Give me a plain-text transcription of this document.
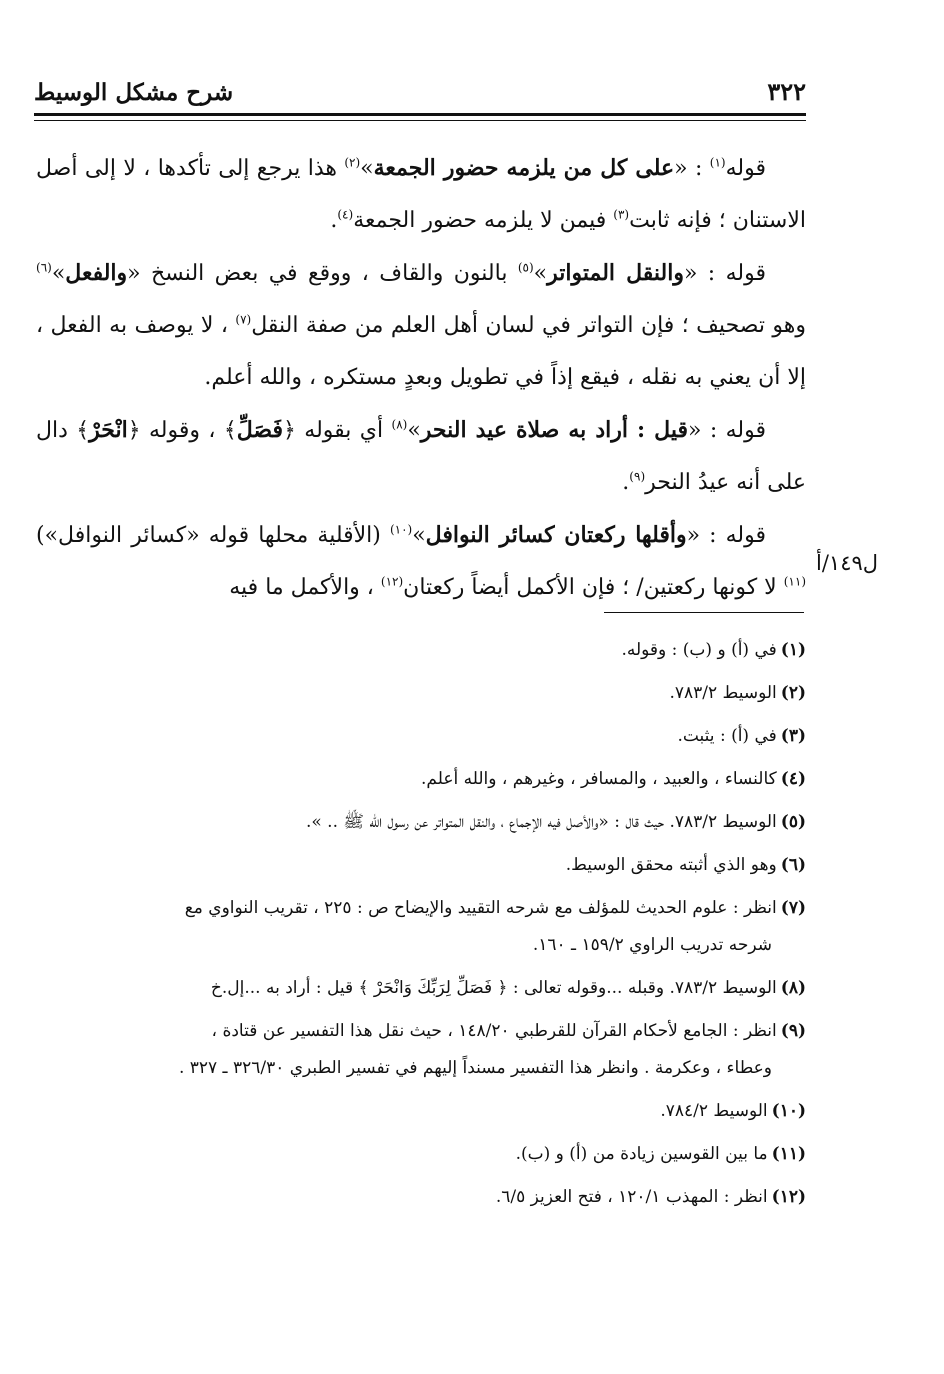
شرح مشكل الوسيط	٣٢٢

قوله$^{(١)}$ : «على كل من يلزمه حضور الجمعة»$^{(٢)}$ هذا يرجع إلى تأكدها ، لا إلى أصل الاستنان ؛ فإنه ثابت$^{(٣)}$ فيمن لا يلزمه حضور الجمعة$^{(٤)}$.

قوله : «والنقل المتواتر»$^{(٥)}$ بالنون والقاف ، ووقع في بعض النسخ «والفعل»$^{(٦)}$ وهو تصحيف ؛ فإن التواتر في لسان أهل العلم من صفة النقل$^{(٧)}$ ، لا يوصف به الفعل ، إلا أن يعني به نقله ، فيقع إذاً في تطويل وبعدٍ مستكره ، والله أعلم.

قوله : «قيل : أراد به صلاة عيد النحر»$^{(٨)}$ أي بقوله ﴿فَصَلِّ﴾ ، وقوله ﴿انْحَرْ﴾ دال على أنه عيدُ النحر$^{(٩)}$.

قوله : «وأقلها ركعتان كسائر النوافل»$^{(١٠)}$ (الأقلية محلها قوله «كسائر النوافل»)$^{(١١)}$ لا كونها ركعتين/ ؛ فإن الأكمل أيضاً ركعتان$^{(١٢)}$ ، والأكمل ما فيه

ل١٤٩/أ
(١)في (أ) و (ب) : وقوله.
(٢)الوسيط ٧٨٣/٢.
(٣)في (أ) : يثبت.
(٤)كالنساء ، والعبيد ، والمسافر ، وغيرهم ، والله أعلم.
(٥)الوسيط ٧٨٣/٢. حيث قال : «والأصل فيه الإجماع ، والنقل المتواتر عن رسول الله ﷺ .. ».
(٦)وهو الذي أثبته محقق الوسيط.
(٧)انظر : علوم الحديث للمؤلف مع شرحه التقييد والإيضاح ص : ٢٢٥ ، تقريب النواوي مع
شرحه تدريب الراوي ١٥٩/٢ ـ ١٦٠.
(٨)الوسيط ٧٨٣/٢. وقبله ...وقوله تعالى : ﴿ فَصَلِّ لِرَبِّكَ وَانْحَرْ ﴾ قيل : أراد به ...إل.خ
(٩)انظر : الجامع لأحكام القرآن للقرطبي ١٤٨/٢٠ ، حيث نقل هذا التفسير عن قتادة ،
وعطاء ، وعكرمة . وانظر هذا التفسير مسنداً إليهم في تفسير الطبري ٣٢٦/٣٠ ـ ٣٢٧ .
(١٠)الوسيط ٧٨٤/٢.
(١١)ما بين القوسين زيادة من (أ) و (ب).
(١٢)انظر : المهذب ١٢٠/١ ، فتح العزيز ٦/٥.
